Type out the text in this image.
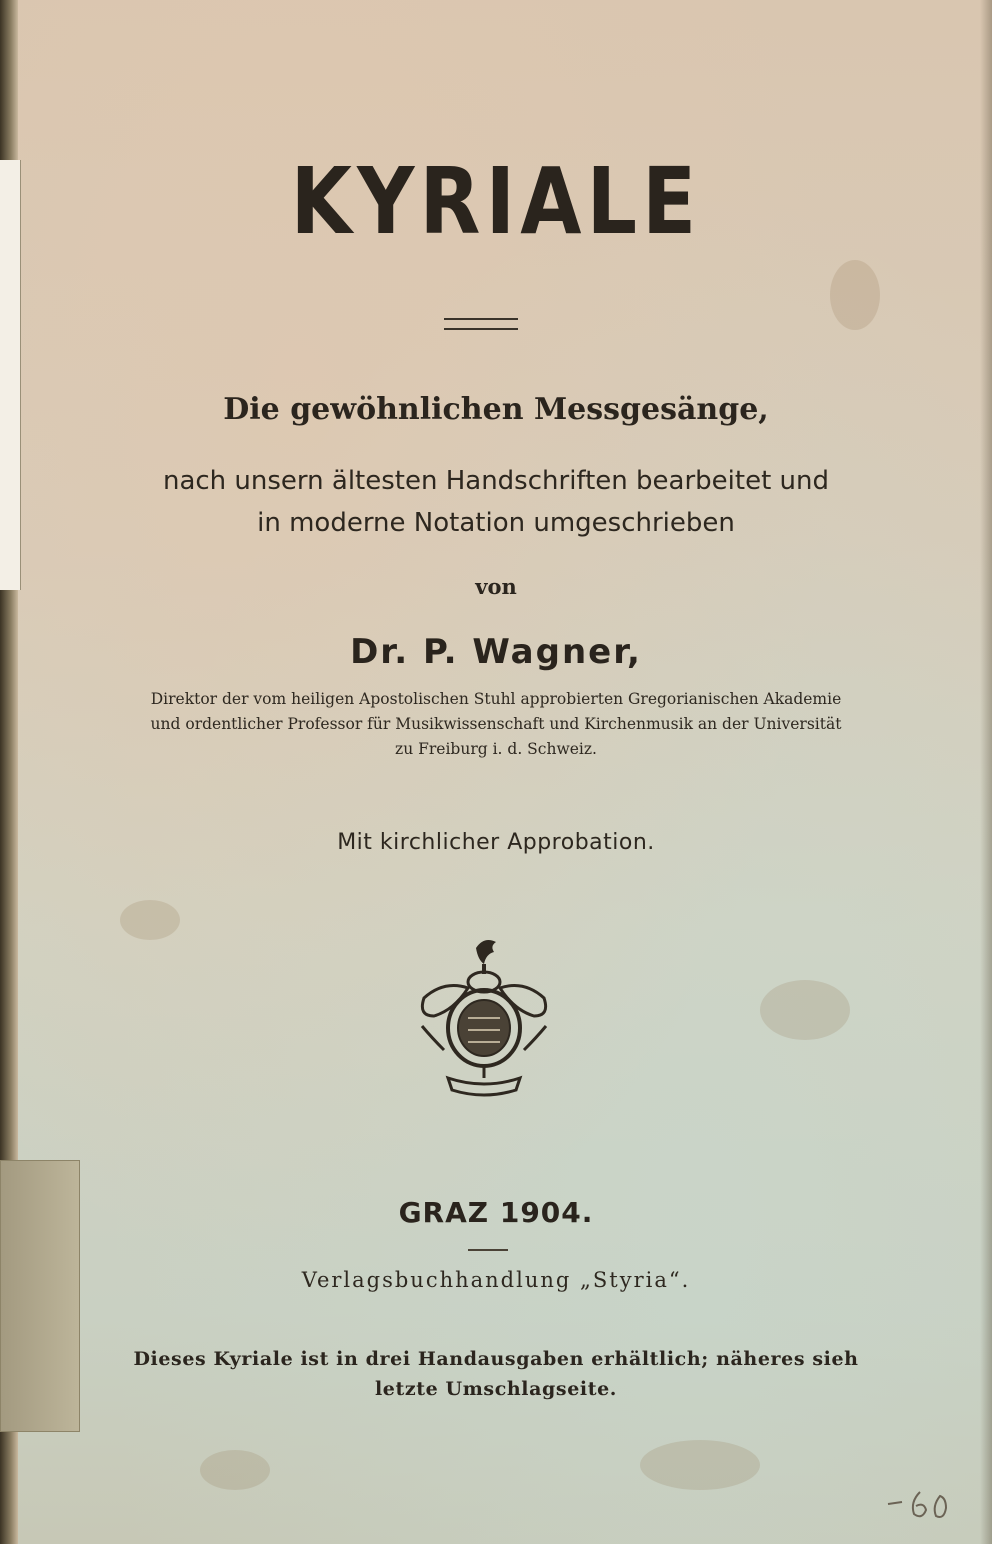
KYRIALE
Die gewöhnlichen Messgesänge,
nach unsern ältesten Handschriften bearbeitet und
in moderne Notation umgeschrieben
von
Dr. P. Wagner,
Direktor der vom heiligen Apostolischen Stuhl approbierten Gregorianischen Akademie
und ordentlicher Professor für Musikwissenschaft und Kirchenmusik an der Universität
zu Freiburg i. d. Schweiz.
Mit kirchlicher Approbation.
GRAZ 1904.
Verlagsbuchhandlung „Styria“.
Dieses Kyriale ist in drei Handausgaben erhältlich; näheres sieh
letzte Umschlagseite.
